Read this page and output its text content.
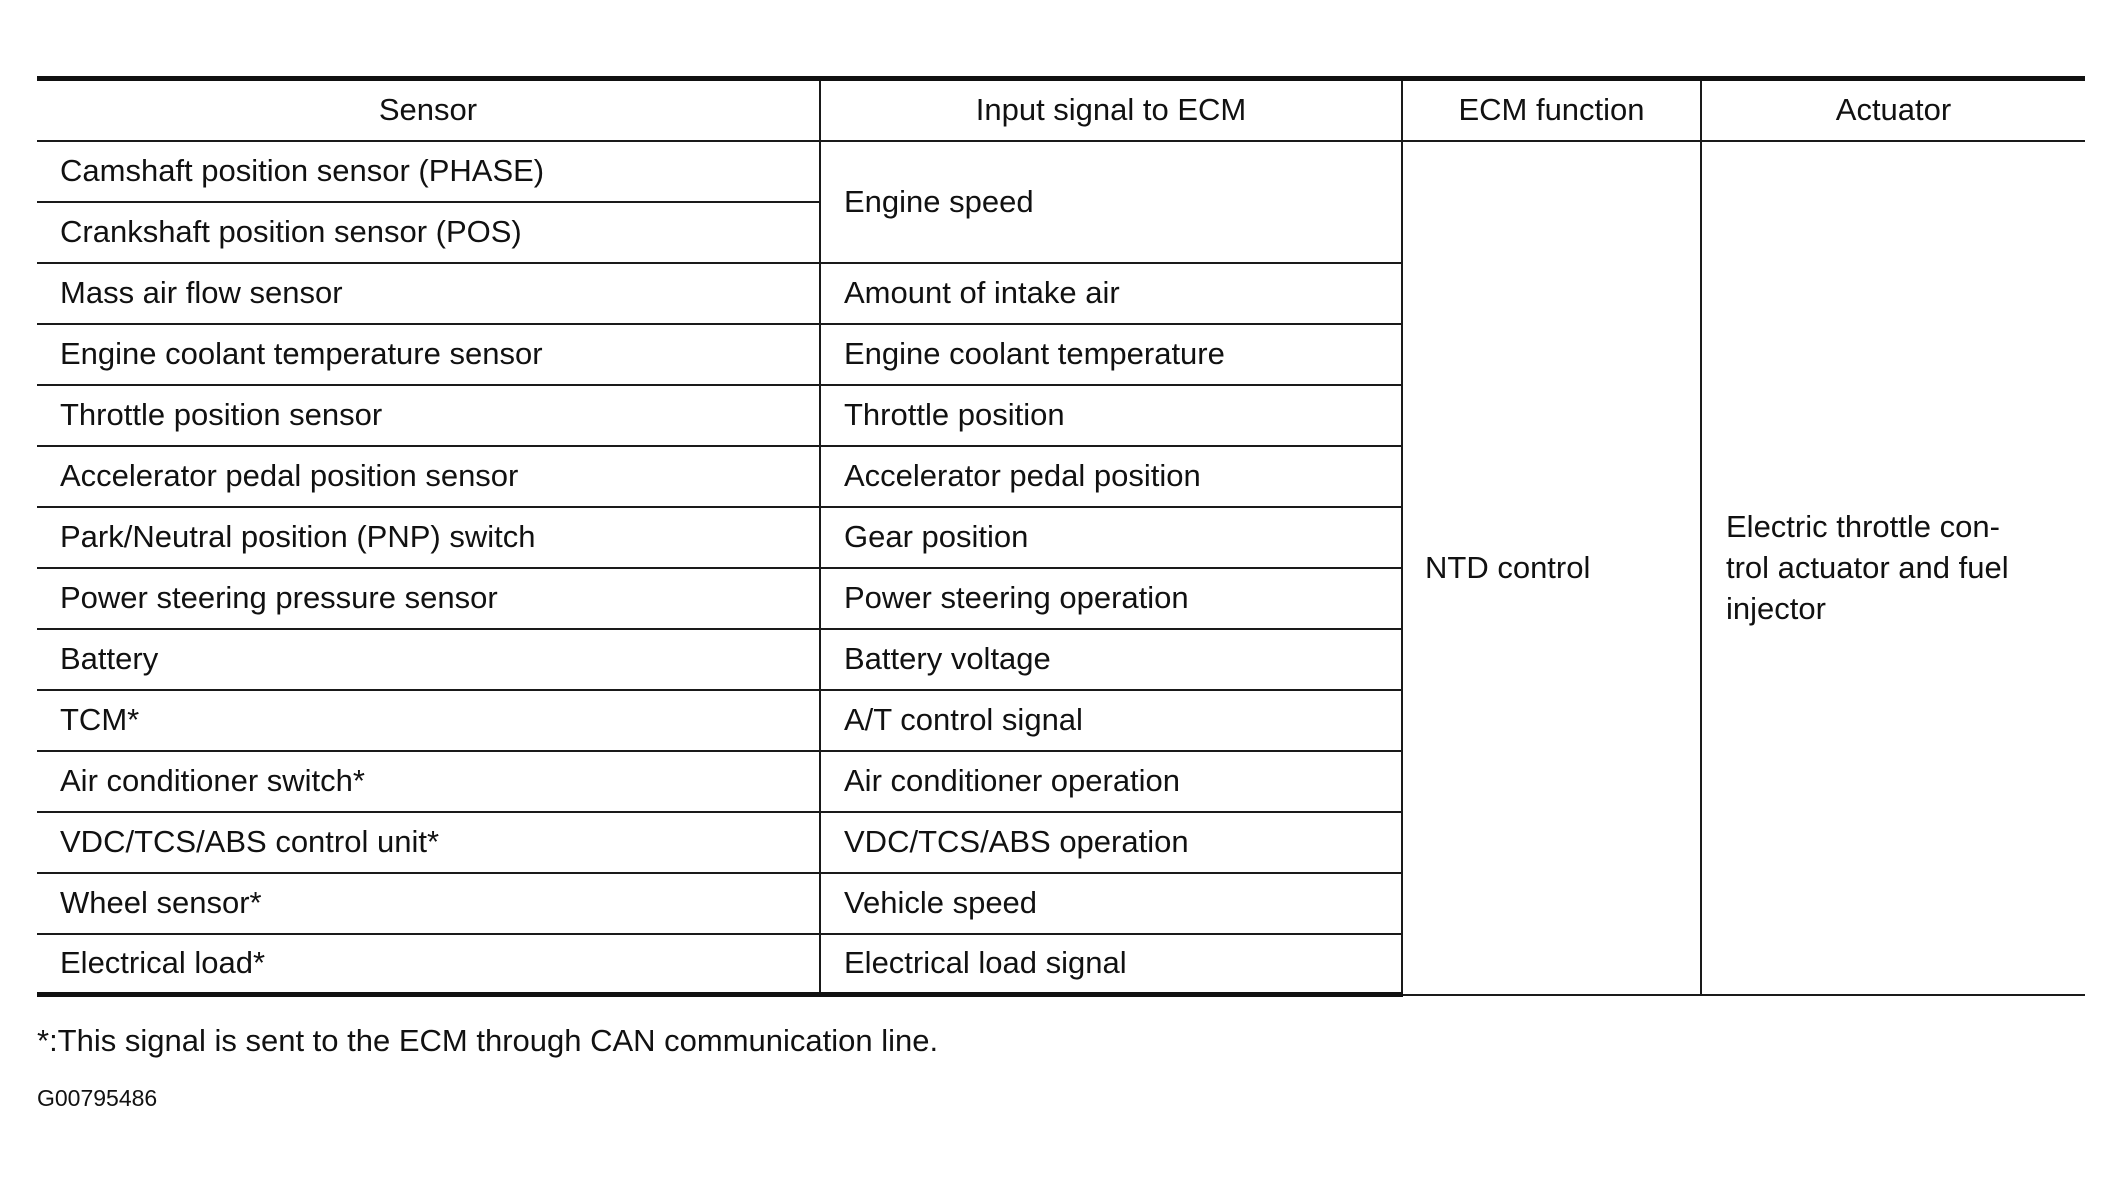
Sensor	Input signal to ECM	ECM function	Actuator
Camshaft position sensor (PHASE)	Engine speed	NTD control	Electric throttle con-
trol actuator and fuel
injector
Crankshaft position sensor (POS)			
Mass air flow sensor	Amount of intake air		
Engine coolant temperature sensor	Engine coolant temperature		
Throttle position sensor	Throttle position		
Accelerator pedal position sensor	Accelerator pedal position		
Park/Neutral position (PNP) switch	Gear position		
Power steering pressure sensor	Power steering operation		
Battery	Battery voltage		
TCM*	A/T control signal		
Air conditioner switch*	Air conditioner operation		
VDC/TCS/ABS control unit*	VDC/TCS/ABS operation		
Wheel sensor*	Vehicle speed		
Electrical load*	Electrical load signal		
*:This signal is sent to the ECM through CAN communication line.
G00795486
